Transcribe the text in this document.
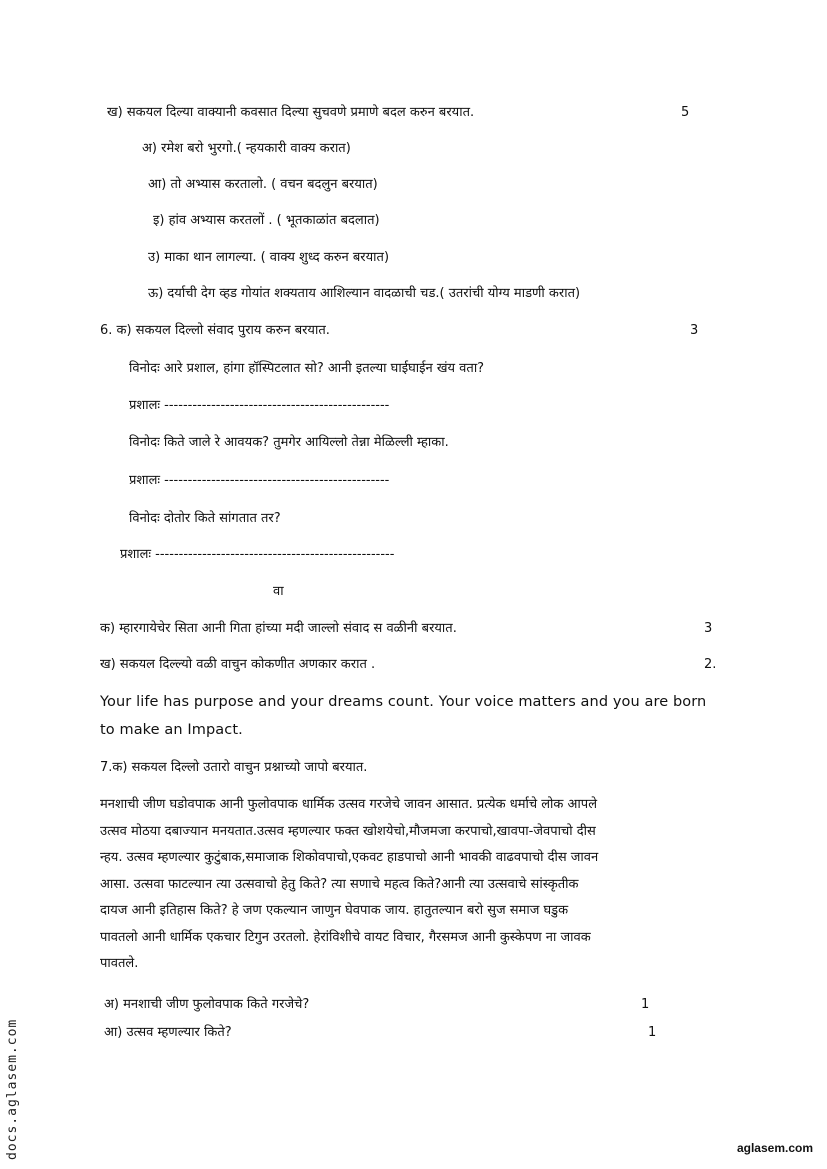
ख) सकयल दिल्या वाक्यानी कवसात दिल्या सुचवणे प्रमाणे बदल करुन बरयात.	5
अ) रमेश बरो भुरगो.( न्हयकारी वाक्य करात)
आ) तो अभ्यास करतालो. ( वचन बदलुन बरयात)
इ) हांव अभ्यास करतलों . ( भूतकाळांत बदलात)
उ) माका थान लागल्या. ( वाक्य शुध्द करुन बरयात)
ऊ) दर्याची देग व्हड गोयांत शक्यताय आशिल्यान वादळाची चड.( उतरांची योग्य माडणी करात)
6. क) सकयल दिल्लो संवाद पुराय करुन बरयात.	3
विनोदः आरे प्रशाल, हांगा हॉस्पिटलात सो? आनी इतल्या घाईघाईन खंय वता?
प्रशालः ------------------------------------------------
विनोदः किते जाले रे आवयक? तुमगेर आयिल्लो तेन्ना मेळिल्ली म्हाका.
प्रशालः ------------------------------------------------
विनोदः दोतोर किते सांगतात तर?
प्रशालः ---------------------------------------------------
वा
क) म्हारगायेचेर सिता आनी गिता हांच्या मदी जाल्लो संवाद स वळीनी बरयात.	3
ख) सकयल दिल्ल्यो वळी वाचुन कोकणीत अणकार करात .	2.
Your life has purpose and your dreams count. Your voice matters and you are born
to make an Impact.
7.क) सकयल दिल्लो उतारो वाचुन प्रश्नाच्यो जापो बरयात.
मनशाची जीण घडोवपाक आनी फुलोवपाक धार्मिक उत्सव गरजेचे जावन आसात. प्रत्येक धर्माचे लोक आपले
उत्सव मोठया दबाज्यान मनयतात.उत्सव म्हणल्यार फक्त खोशयेचो,मौजमजा करपाचो,खावपा-जेवपाचो दीस
न्हय. उत्सव म्हणल्यार कुटुंबाक,समाजाक शिकोवपाचो,एकवट हाडपाचो आनी भावकी वाढवपाचो दीस जावन
आसा. उत्सवा फाटल्यान त्या उत्सवाचो हेतु किते? त्या सणाचे महत्व किते?आनी त्या उत्सवाचे सांस्कृतीक
दायज आनी इतिहास किते? हे जण एकल्यान जाणुन घेवपाक जाय. हातुतल्यान बरो सुज समाज घडुक
पावतलो आनी धार्मिक एकचार टिगुन उरतलो. हेरांविशीचे वायट विचार, गैरसमज आनी कुस्केपण ना जावक
पावतले.
अ) मनशाची जीण फुलोवपाक किते गरजेचे?	1
आ) उत्सव म्हणल्यार किते?	1
docs.aglasem.com	aglasem.com
